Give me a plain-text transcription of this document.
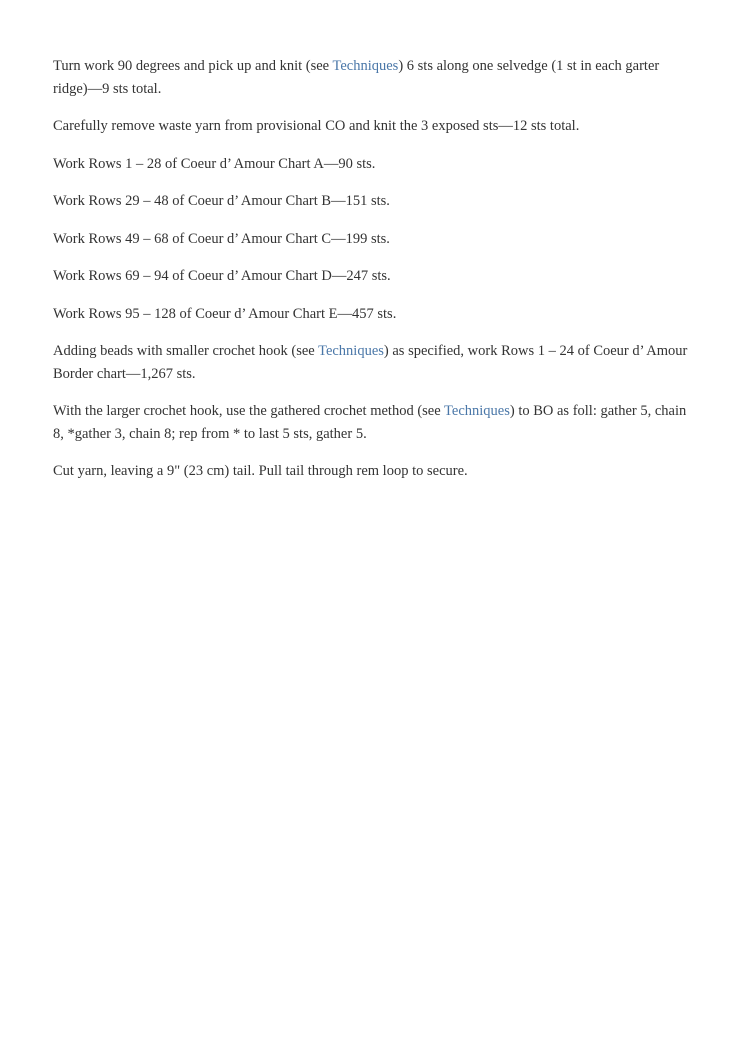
Turn work 90 degrees and pick up and knit (see Techniques) 6 sts along one selvedge (1 st in each garter ridge)—9 sts total.

Carefully remove waste yarn from provisional CO and knit the 3 exposed sts—12 sts total.

Work Rows 1 – 28 of Coeur d’ Amour Chart A—90 sts.

Work Rows 29 – 48 of Coeur d’ Amour Chart B—151 sts.

Work Rows 49 – 68 of Coeur d’ Amour Chart C—199 sts.

Work Rows 69 – 94 of Coeur d’ Amour Chart D—247 sts.

Work Rows 95 – 128 of Coeur d’ Amour Chart E—457 sts.

Adding beads with smaller crochet hook (see Techniques) as specified, work Rows 1 – 24 of Coeur d’ Amour Border chart—1,267 sts.

With the larger crochet hook, use the gathered crochet method (see Techniques) to BO as foll: gather 5, chain 8, *gather 3, chain 8; rep from * to last 5 sts, gather 5.

Cut yarn, leaving a 9" (23 cm) tail. Pull tail through rem loop to secure.
